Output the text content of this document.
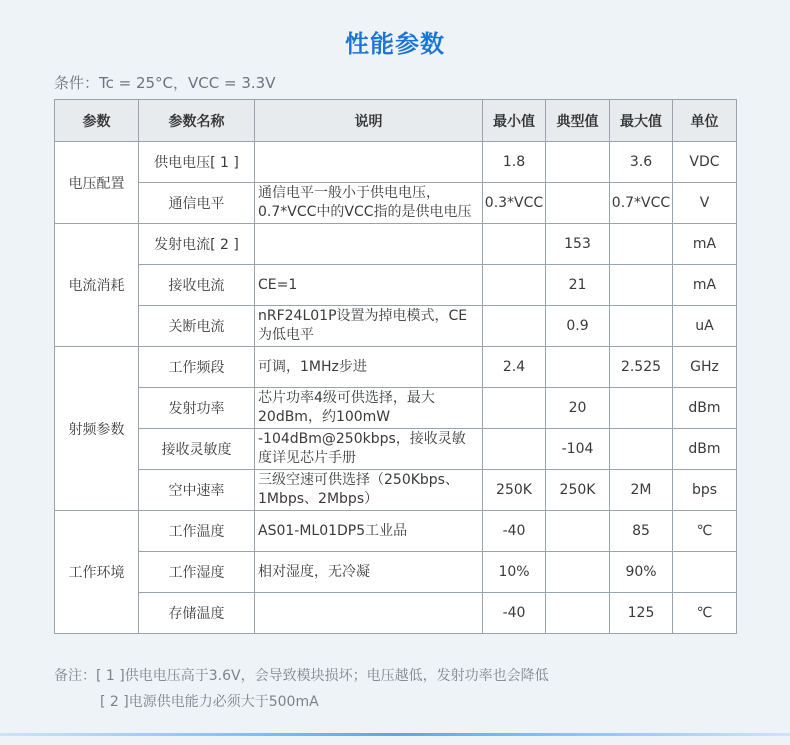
性能参数
条件：Tc = 25°C，VCC = 3.3V
参数	参数名称	说明	最小值	典型值	最大值	单位
电压配置	供电电压[ 1 ]		1.8		3.6	VDC
	通信电平	通信电平一般小于供电电压，
0.7*VCC中的VCC指的是供电电压	0.3*VCC		0.7*VCC	V
电流消耗	发射电流[ 2 ]			153		mA
	接收电流	CE=1		21		mA
	关断电流	nRF24L01P设置为掉电模式，CE
为低电平		0.9		uA
射频参数	工作频段	可调，1MHz步进	2.4		2.525	GHz
	发射功率	芯片功率4级可供选择，最大
20dBm，约100mW		20		dBm
	接收灵敏度	-104dBm@250kbps，接收灵敏
度详见芯片手册		-104		dBm
	空中速率	三级空速可供选择（250Kbps、
1Mbps、2Mbps）	250K	250K	2M	bps
工作环境	工作温度	AS01-ML01DP5工业品	-40		85	℃
	工作湿度	相对湿度，无冷凝	10%		90%	
	存储温度		-40		125	℃
备注：[ 1 ]供电电压高于3.6V，会导致模块损坏；电压越低，发射功率也会降低
[ 2 ]电源供电能力必须大于500mA
